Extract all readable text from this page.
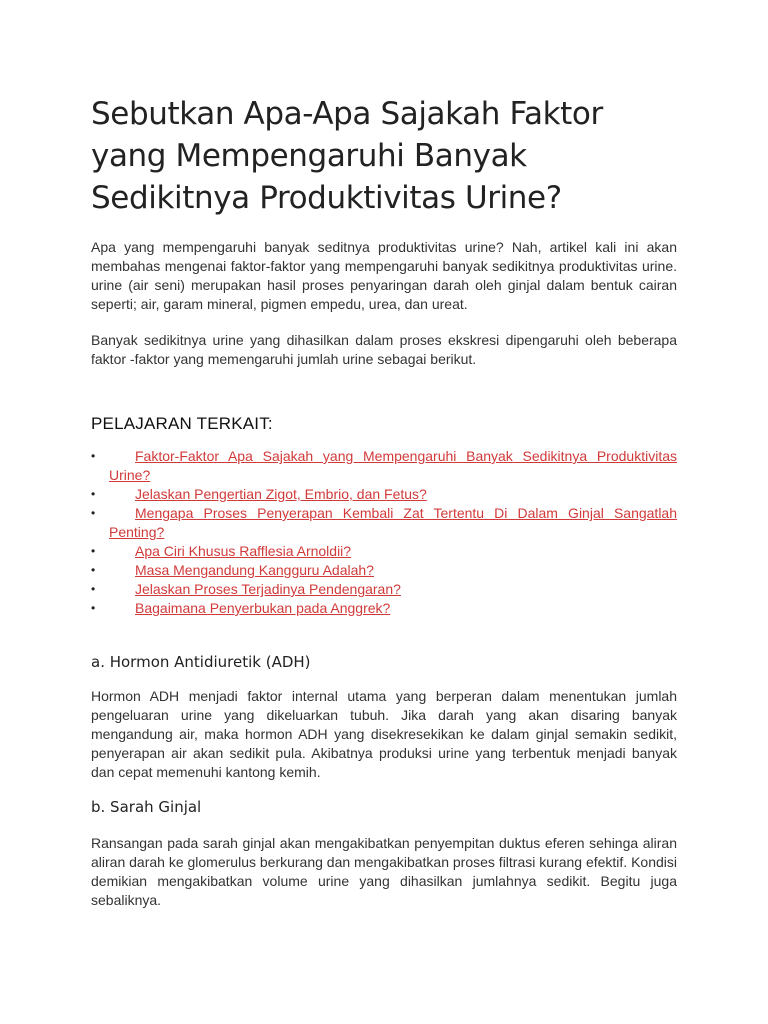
Sebutkan Apa-Apa Sajakah Faktor yang Mempengaruhi Banyak Sedikitnya Produktivitas Urine?

Apa yang mempengaruhi banyak seditnya produktivitas urine? Nah, artikel kali ini akan membahas mengenai faktor-faktor yang mempengaruhi banyak sedikitnya produktivitas urine. urine (air seni) merupakan hasil proses penyaringan darah oleh ginjal dalam bentuk cairan seperti; air, garam mineral, pigmen empedu, urea, dan ureat.

Banyak sedikitnya urine yang dihasilkan dalam proses ekskresi dipengaruhi oleh beberapa faktor -faktor yang memengaruhi jumlah urine sebagai berikut.

PELAJARAN TERKAIT:
•	Faktor-Faktor Apa Sajakah yang Mempengaruhi Banyak Sedikitnya Produktivitas Urine?
•	Jelaskan Pengertian Zigot, Embrio, dan Fetus?
•	Mengapa Proses Penyerapan Kembali Zat Tertentu Di Dalam Ginjal Sangatlah Penting?
•	Apa Ciri Khusus Rafflesia Arnoldii?
•	Masa Mengandung Kangguru Adalah?
•	Jelaskan Proses Terjadinya Pendengaran?
•	Bagaimana Penyerbukan pada Anggrek?
a. Hormon Antidiuretik (ADH)

Hormon ADH menjadi faktor internal utama yang berperan dalam menentukan jumlah pengeluaran urine yang dikeluarkan tubuh. Jika darah yang akan disaring banyak mengandung air, maka hormon ADH yang disekresekikan ke dalam ginjal semakin sedikit, penyerapan air akan sedikit pula. Akibatnya produksi urine yang terbentuk menjadi banyak dan cepat memenuhi kantong kemih.

b. Sarah Ginjal

Ransangan pada sarah ginjal akan mengakibatkan penyempitan duktus eferen sehinga aliran aliran darah ke glomerulus berkurang dan mengakibatkan proses filtrasi kurang efektif. Kondisi demikian mengakibatkan volume urine yang dihasilkan jumlahnya sedikit. Begitu juga sebaliknya.
